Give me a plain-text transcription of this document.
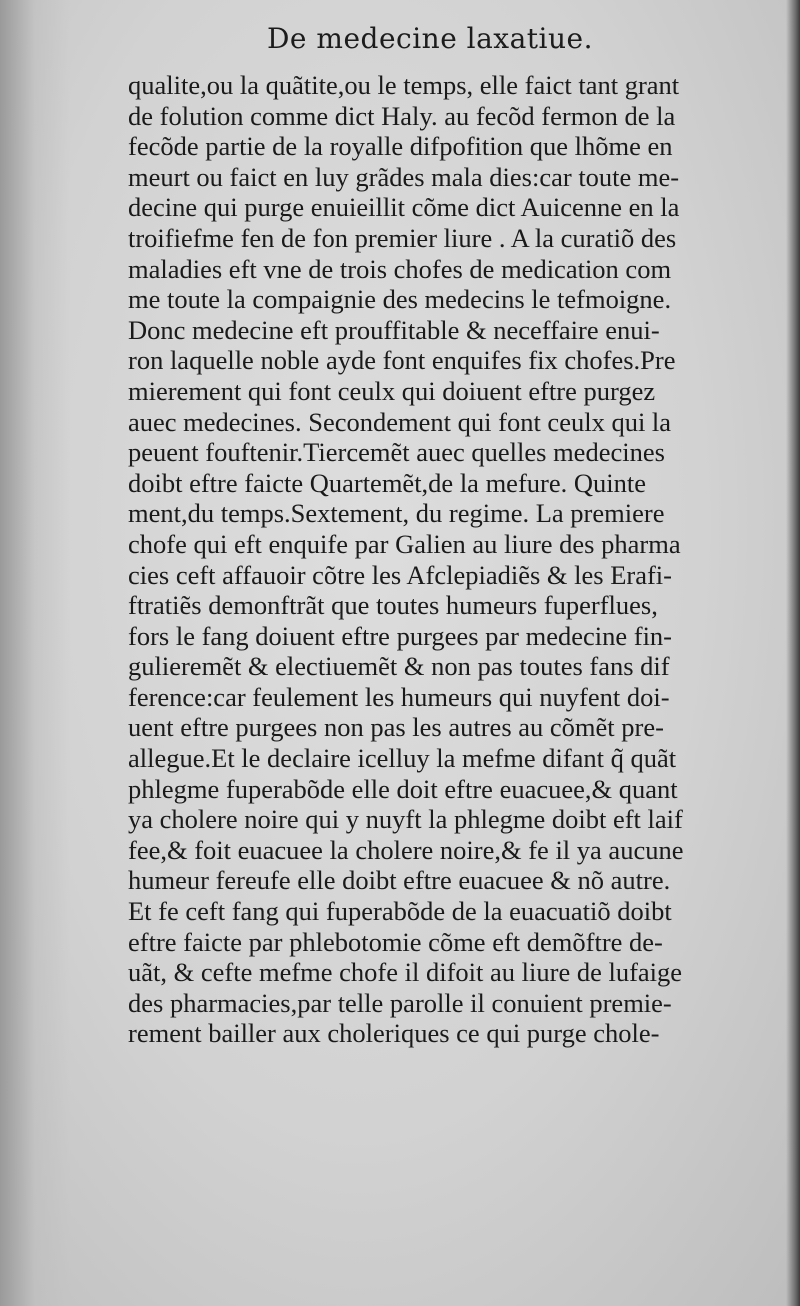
De medecine laxatiue.
qualite,ou la quãtite,ou le temps, elle faict tant grant
de folution comme dict Haly. au fecõd fermon de la
fecõde partie de la royalle difpofition que lhõme en
meurt ou faict en luy grãdes mala dies:car toute me-
decine qui purge enuieillit cõme dict Auicenne en la
troifiefme fen de fon premier liure . A la curatiõ des
maladies eft vne de trois chofes de medication com
me toute la compaignie des medecins le tefmoigne.
Donc medecine eft prouffitable & neceffaire enui-
ron laquelle noble ayde font enquifes fix chofes.Pre
mierement qui font ceulx qui doiuent eftre purgez
auec medecines. Secondement qui font ceulx qui la
peuent fouftenir.Tiercemẽt auec quelles medecines
doibt eftre faicte Quartemẽt,de la mefure. Quinte
ment,du temps.Sextement, du regime. La premiere
chofe qui eft enquife par Galien au liure des pharma
cies ceft affauoir cõtre les Afclepiadiẽs & les Erafi-
ftratiẽs demonftrãt que toutes humeurs fuperflues,
fors le fang doiuent eftre purgees par medecine fin-
gulieremẽt & electiuemẽt & non pas toutes fans dif
ference:car feulement les humeurs qui nuyfent doi-
uent eftre purgees non pas les autres au cõmẽt pre-
allegue.Et le declaire icelluy la mefme difant q̃ quãt
phlegme fuperabõde elle doit eftre euacuee,& quant
ya cholere noire qui y nuyft la phlegme doibt eft laif
fee,& foit euacuee la cholere noire,& fe il ya aucune
humeur fereufe elle doibt eftre euacuee & nõ autre.
Et fe ceft fang qui fuperabõde de la euacuatiõ doibt
eftre faicte par phlebotomie cõme eft demõftre de-
uãt, & cefte mefme chofe il difoit au liure de lufaige
des pharmacies,par telle parolle il conuient premie-
rement bailler aux choleriques ce qui purge chole-
